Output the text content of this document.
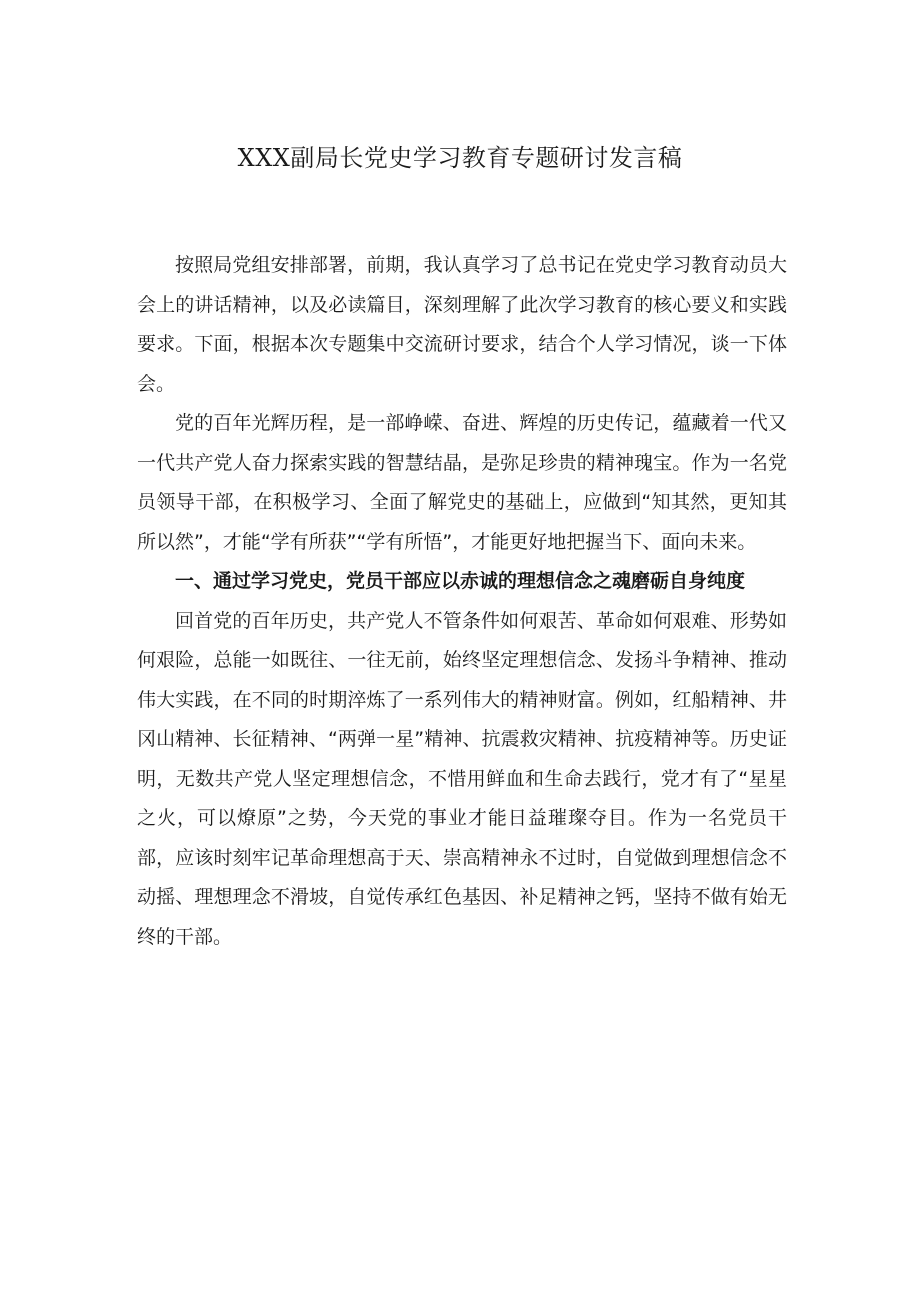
XXX副局长党史学习教育专题研讨发言稿

按照局党组安排部署，前期，我认真学习了总书记在党史学习教育动员大会上的讲话精神，以及必读篇目，深刻理解了此次学习教育的核心要义和实践要求。下面，根据本次专题集中交流研讨要求，结合个人学习情况，谈一下体会。

党的百年光辉历程，是一部峥嵘、奋进、辉煌的历史传记，蕴藏着一代又一代共产党人奋力探索实践的智慧结晶，是弥足珍贵的精神瑰宝。作为一名党员领导干部，在积极学习、全面了解党史的基础上，应做到“知其然，更知其所以然”，才能“学有所获”“学有所悟”，才能更好地把握当下、面向未来。

一、通过学习党史，党员干部应以赤诚的理想信念之魂磨砺自身纯度

回首党的百年历史，共产党人不管条件如何艰苦、革命如何艰难、形势如何艰险，总能一如既往、一往无前，始终坚定理想信念、发扬斗争精神、推动伟大实践，在不同的时期淬炼了一系列伟大的精神财富。例如，红船精神、井冈山精神、长征精神、“两弹一星”精神、抗震救灾精神、抗疫精神等。历史证明，无数共产党人坚定理想信念，不惜用鲜血和生命去践行，党才有了“星星之火，可以燎原”之势，今天党的事业才能日益璀璨夺目。作为一名党员干部，应该时刻牢记革命理想高于天、崇高精神永不过时，自觉做到理想信念不动摇、理想理念不滑坡，自觉传承红色基因、补足精神之钙，坚持不做有始无终的干部。
